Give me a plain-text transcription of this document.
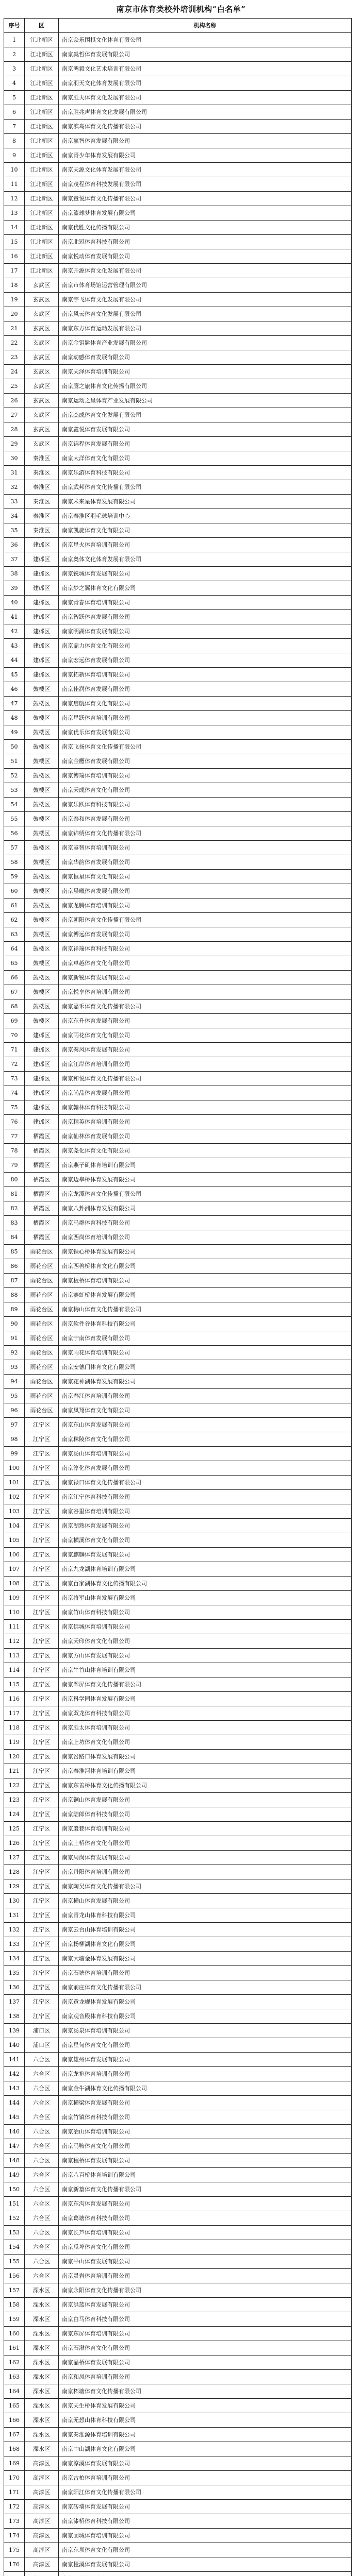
南京市体育类校外培训机构“白名单”
序号	区	机构名称
1	江北新区	南京众乐围棋文化体育有限公司
2	江北新区	南京燊哲体育发展有限公司
3	江北新区	南京鸿毅文化艺术培训有限公司
4	江北新区	南京羽天文化体育发展有限公司
5	江北新区	南京胜天体育文化发展有限公司
6	江北新区	南京胜兆声体育文化发展有限公司
7	江北新区	南京滨鸟体育文化传播有限公司
8	江北新区	南京赢智体育发展有限公司
9	江北新区	南京青少年体育发展有限公司
10	江北新区	南京天源文化体育发展有限公司
11	江北新区	南京茂程体育科技发展有限公司
12	江北新区	南京童悦体育文化传播有限公司
13	江北新区	南京篮球梦体育发展有限公司
14	江北新区	南京优胜文化传播有限公司
15	江北新区	南京北冠体育科技有限公司
16	江北新区	南京悦动体育发展有限公司
17	江北新区	南京开源体育文化发展有限公司
18	玄武区	南京市体育场馆运营管理有限公司
19	玄武区	南京宇飞体育文化发展有限公司
20	玄武区	南京风云体育文化发展有限公司
21	玄武区	南京东方体育运动发展有限公司
22	玄武区	南京金钥匙体育产业发展有限公司
23	玄武区	南京动感体育发展有限公司
24	玄武区	南京天泽体育培训有限公司
25	玄武区	南京鹰之旅体育文化传播有限公司
26	玄武区	南京运动之星体育产业发展有限公司
27	玄武区	南京杰成体育文化发展有限公司
28	玄武区	南京鑫悦体育发展有限公司
29	玄武区	南京锦程体育发展有限公司
30	秦淮区	南京大洋体育文化有限公司
31	秦淮区	南京乐游体育科技有限公司
32	秦淮区	南京武邦体育文化传播有限公司
33	秦淮区	南京未来星体育发展有限公司
34	秦淮区	南京秦淮区羽毛球培训中心
35	秦淮区	南京凯旋体育文化有限公司
36	建邺区	南京星火体育培训有限公司
37	建邺区	南京奥体文化体育发展有限公司
38	建邺区	南京锐城体育发展有限公司
39	建邺区	南京梦之翼体育文化有限公司
40	建邺区	南京青春体育培训有限公司
41	建邺区	南京智跃体育发展有限公司
42	建邺区	南京明湖体育发展有限公司
43	建邺区	南京鼎力体育文化有限公司
44	建邺区	南京宏远体育发展有限公司
45	建邺区	南京拓新体育培训有限公司
46	鼓楼区	南京佳润体育发展有限公司
47	鼓楼区	南京启航体育文化有限公司
48	鼓楼区	南京星跃体育培训有限公司
49	鼓楼区	南京优乐体育发展有限公司
50	鼓楼区	南京飞扬体育文化传播有限公司
51	鼓楼区	南京金鹰体育发展有限公司
52	鼓楼区	南京博瑞体育培训有限公司
53	鼓楼区	南京天成体育文化有限公司
54	鼓楼区	南京乐跃体育科技有限公司
55	鼓楼区	南京泰和体育发展有限公司
56	鼓楼区	南京锦绣体育文化传播有限公司
57	鼓楼区	南京睿智体育培训有限公司
58	鼓楼区	南京华韵体育发展有限公司
59	鼓楼区	南京恒星体育文化有限公司
60	鼓楼区	南京晨曦体育发展有限公司
61	鼓楼区	南京龙腾体育培训有限公司
62	鼓楼区	南京朝阳体育文化传播有限公司
63	鼓楼区	南京博远体育发展有限公司
64	鼓楼区	南京祥瑞体育科技有限公司
65	鼓楼区	南京卓越体育文化有限公司
66	鼓楼区	南京新锐体育发展有限公司
67	鼓楼区	南京悦享体育培训有限公司
68	鼓楼区	南京嘉禾体育文化传播有限公司
69	鼓楼区	南京东升体育发展有限公司
70	建邺区	南京雨花体育文化有限公司
71	建邺区	南京秦风体育发展有限公司
72	建邺区	南京江岸体育培训有限公司
73	建邺区	南京和悦体育文化传播有限公司
74	建邺区	南京尚品体育发展有限公司
75	建邺区	南京翰林体育科技有限公司
76	建邺区	南京精英体育培训有限公司
77	栖霞区	南京仙林体育发展有限公司
78	栖霞区	南京尧化体育文化有限公司
79	栖霞区	南京燕子矶体育培训有限公司
80	栖霞区	南京迈皋桥体育发展有限公司
81	栖霞区	南京龙潭体育文化传播有限公司
82	栖霞区	南京八卦洲体育发展有限公司
83	栖霞区	南京马群体育科技有限公司
84	栖霞区	南京西岗体育培训有限公司
85	雨花台区	南京铁心桥体育发展有限公司
86	雨花台区	南京西善桥体育文化有限公司
87	雨花台区	南京板桥体育培训有限公司
88	雨花台区	南京赛虹桥体育发展有限公司
89	雨花台区	南京梅山体育文化传播有限公司
90	雨花台区	南京软件谷体育科技有限公司
91	雨花台区	南京宁南体育发展有限公司
92	雨花台区	南京雨花体育培训有限公司
93	雨花台区	南京安德门体育文化有限公司
94	雨花台区	南京花神湖体育发展有限公司
95	雨花台区	南京春江体育培训有限公司
96	雨花台区	南京凤翔体育文化有限公司
97	江宁区	南京东山体育发展有限公司
98	江宁区	南京秣陵体育文化有限公司
99	江宁区	南京汤山体育培训有限公司
100	江宁区	南京淳化体育发展有限公司
101	江宁区	南京禄口体育文化传播有限公司
102	江宁区	南京江宁体育科技有限公司
103	江宁区	南京谷里体育培训有限公司
104	江宁区	南京湖熟体育发展有限公司
105	江宁区	南京横溪体育文化有限公司
106	江宁区	南京麒麟体育发展有限公司
107	江宁区	南京九龙湖体育培训有限公司
108	江宁区	南京百家湖体育文化传播有限公司
109	江宁区	南京将军山体育发展有限公司
110	江宁区	南京竹山体育科技有限公司
111	江宁区	南京佛城体育培训有限公司
112	江宁区	南京天印体育文化有限公司
113	江宁区	南京方山体育发展有限公司
114	江宁区	南京牛首山体育培训有限公司
115	江宁区	南京翠屏体育文化传播有限公司
116	江宁区	南京科学园体育发展有限公司
117	江宁区	南京双龙体育科技有限公司
118	江宁区	南京胜太体育培训有限公司
119	江宁区	南京上坊体育文化有限公司
120	江宁区	南京岔路口体育发展有限公司
121	江宁区	南京秦淮河体育培训有限公司
122	江宁区	南京东善桥体育文化传播有限公司
123	江宁区	南京铜山体育发展有限公司
124	江宁区	南京陆郎体育科技有限公司
125	江宁区	南京殷巷体育培训有限公司
126	江宁区	南京土桥体育文化有限公司
127	江宁区	南京周岗体育发展有限公司
128	江宁区	南京丹阳体育培训有限公司
129	江宁区	南京陶吴体育文化传播有限公司
130	江宁区	南京横山体育发展有限公司
131	江宁区	南京青龙山体育科技有限公司
132	江宁区	南京云台山体育培训有限公司
133	江宁区	南京杨柳湖体育文化有限公司
134	江宁区	南京大塘金体育发展有限公司
135	江宁区	南京石塘体育培训有限公司
136	江宁区	南京前庄体育文化传播有限公司
137	江宁区	南京黄龙岘体育发展有限公司
138	江宁区	南京观音殿体育科技有限公司
139	浦口区	南京汤泉体育培训有限公司
140	浦口区	南京星甸体育文化有限公司
141	六合区	南京雄州体育发展有限公司
142	六合区	南京龙袍体育培训有限公司
143	六合区	南京金牛湖体育文化传播有限公司
144	六合区	南京横梁体育发展有限公司
145	六合区	南京竹镇体育科技有限公司
146	六合区	南京冶山体育培训有限公司
147	六合区	南京马鞍体育文化有限公司
148	六合区	南京程桥体育发展有限公司
149	六合区	南京八百桥体育培训有限公司
150	六合区	南京新篁体育文化传播有限公司
151	六合区	南京东沟体育发展有限公司
152	六合区	南京葛塘体育科技有限公司
153	六合区	南京长芦体育培训有限公司
154	六合区	南京瓜埠体育文化有限公司
155	六合区	南京平山体育发展有限公司
156	六合区	南京灵岩体育培训有限公司
157	溧水区	南京永阳体育文化传播有限公司
158	溧水区	南京洪蓝体育发展有限公司
159	溧水区	南京白马体育科技有限公司
160	溧水区	南京东屏体育培训有限公司
161	溧水区	南京石湫体育文化有限公司
162	溧水区	南京晶桥体育发展有限公司
163	溧水区	南京和凤体育培训有限公司
164	溧水区	南京柘塘体育文化传播有限公司
165	溧水区	南京天生桥体育发展有限公司
166	溧水区	南京无想山体育科技有限公司
167	溧水区	南京秦淮源体育培训有限公司
168	溧水区	南京中山湖体育文化有限公司
169	高淳区	南京淳溪体育发展有限公司
170	高淳区	南京古柏体育培训有限公司
171	高淳区	南京阳江体育文化传播有限公司
172	高淳区	南京砖墙体育发展有限公司
173	高淳区	南京漆桥体育科技有限公司
174	高淳区	南京固城体育培训有限公司
175	高淳区	南京东坝体育文化有限公司
176	高淳区	南京桠溪体育发展有限公司
